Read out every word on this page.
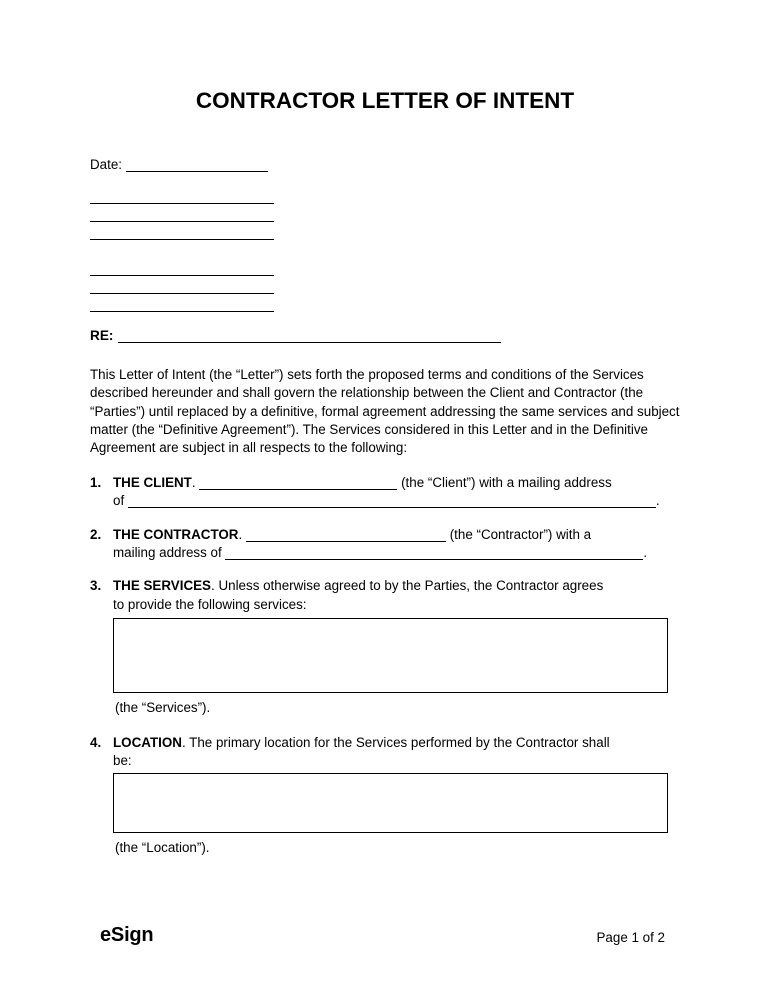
CONTRACTOR LETTER OF INTENT
Date:
RE:

This Letter of Intent (the “Letter”) sets forth the proposed terms and conditions of the Services described hereunder and shall govern the relationship between the Client and Contractor (the “Parties”) until replaced by a definitive, formal agreement addressing the same services and subject matter (the “Definitive Agreement”). The Services considered in this Letter and in the Definitive Agreement are subject in all respects to the following:

1. THE CLIENT.	(the “Client”) with a mailing address
of	.
2. THE CONTRACTOR.	(the “Contractor”) with a
mailing address of	.
3. THE SERVICES. Unless otherwise agreed to by the Parties, the Contractor agrees
to provide the following services:
(the “Services”).
4. LOCATION. The primary location for the Services performed by the Contractor shall
be:
(the “Location”).
eSign	Page 1 of 2
